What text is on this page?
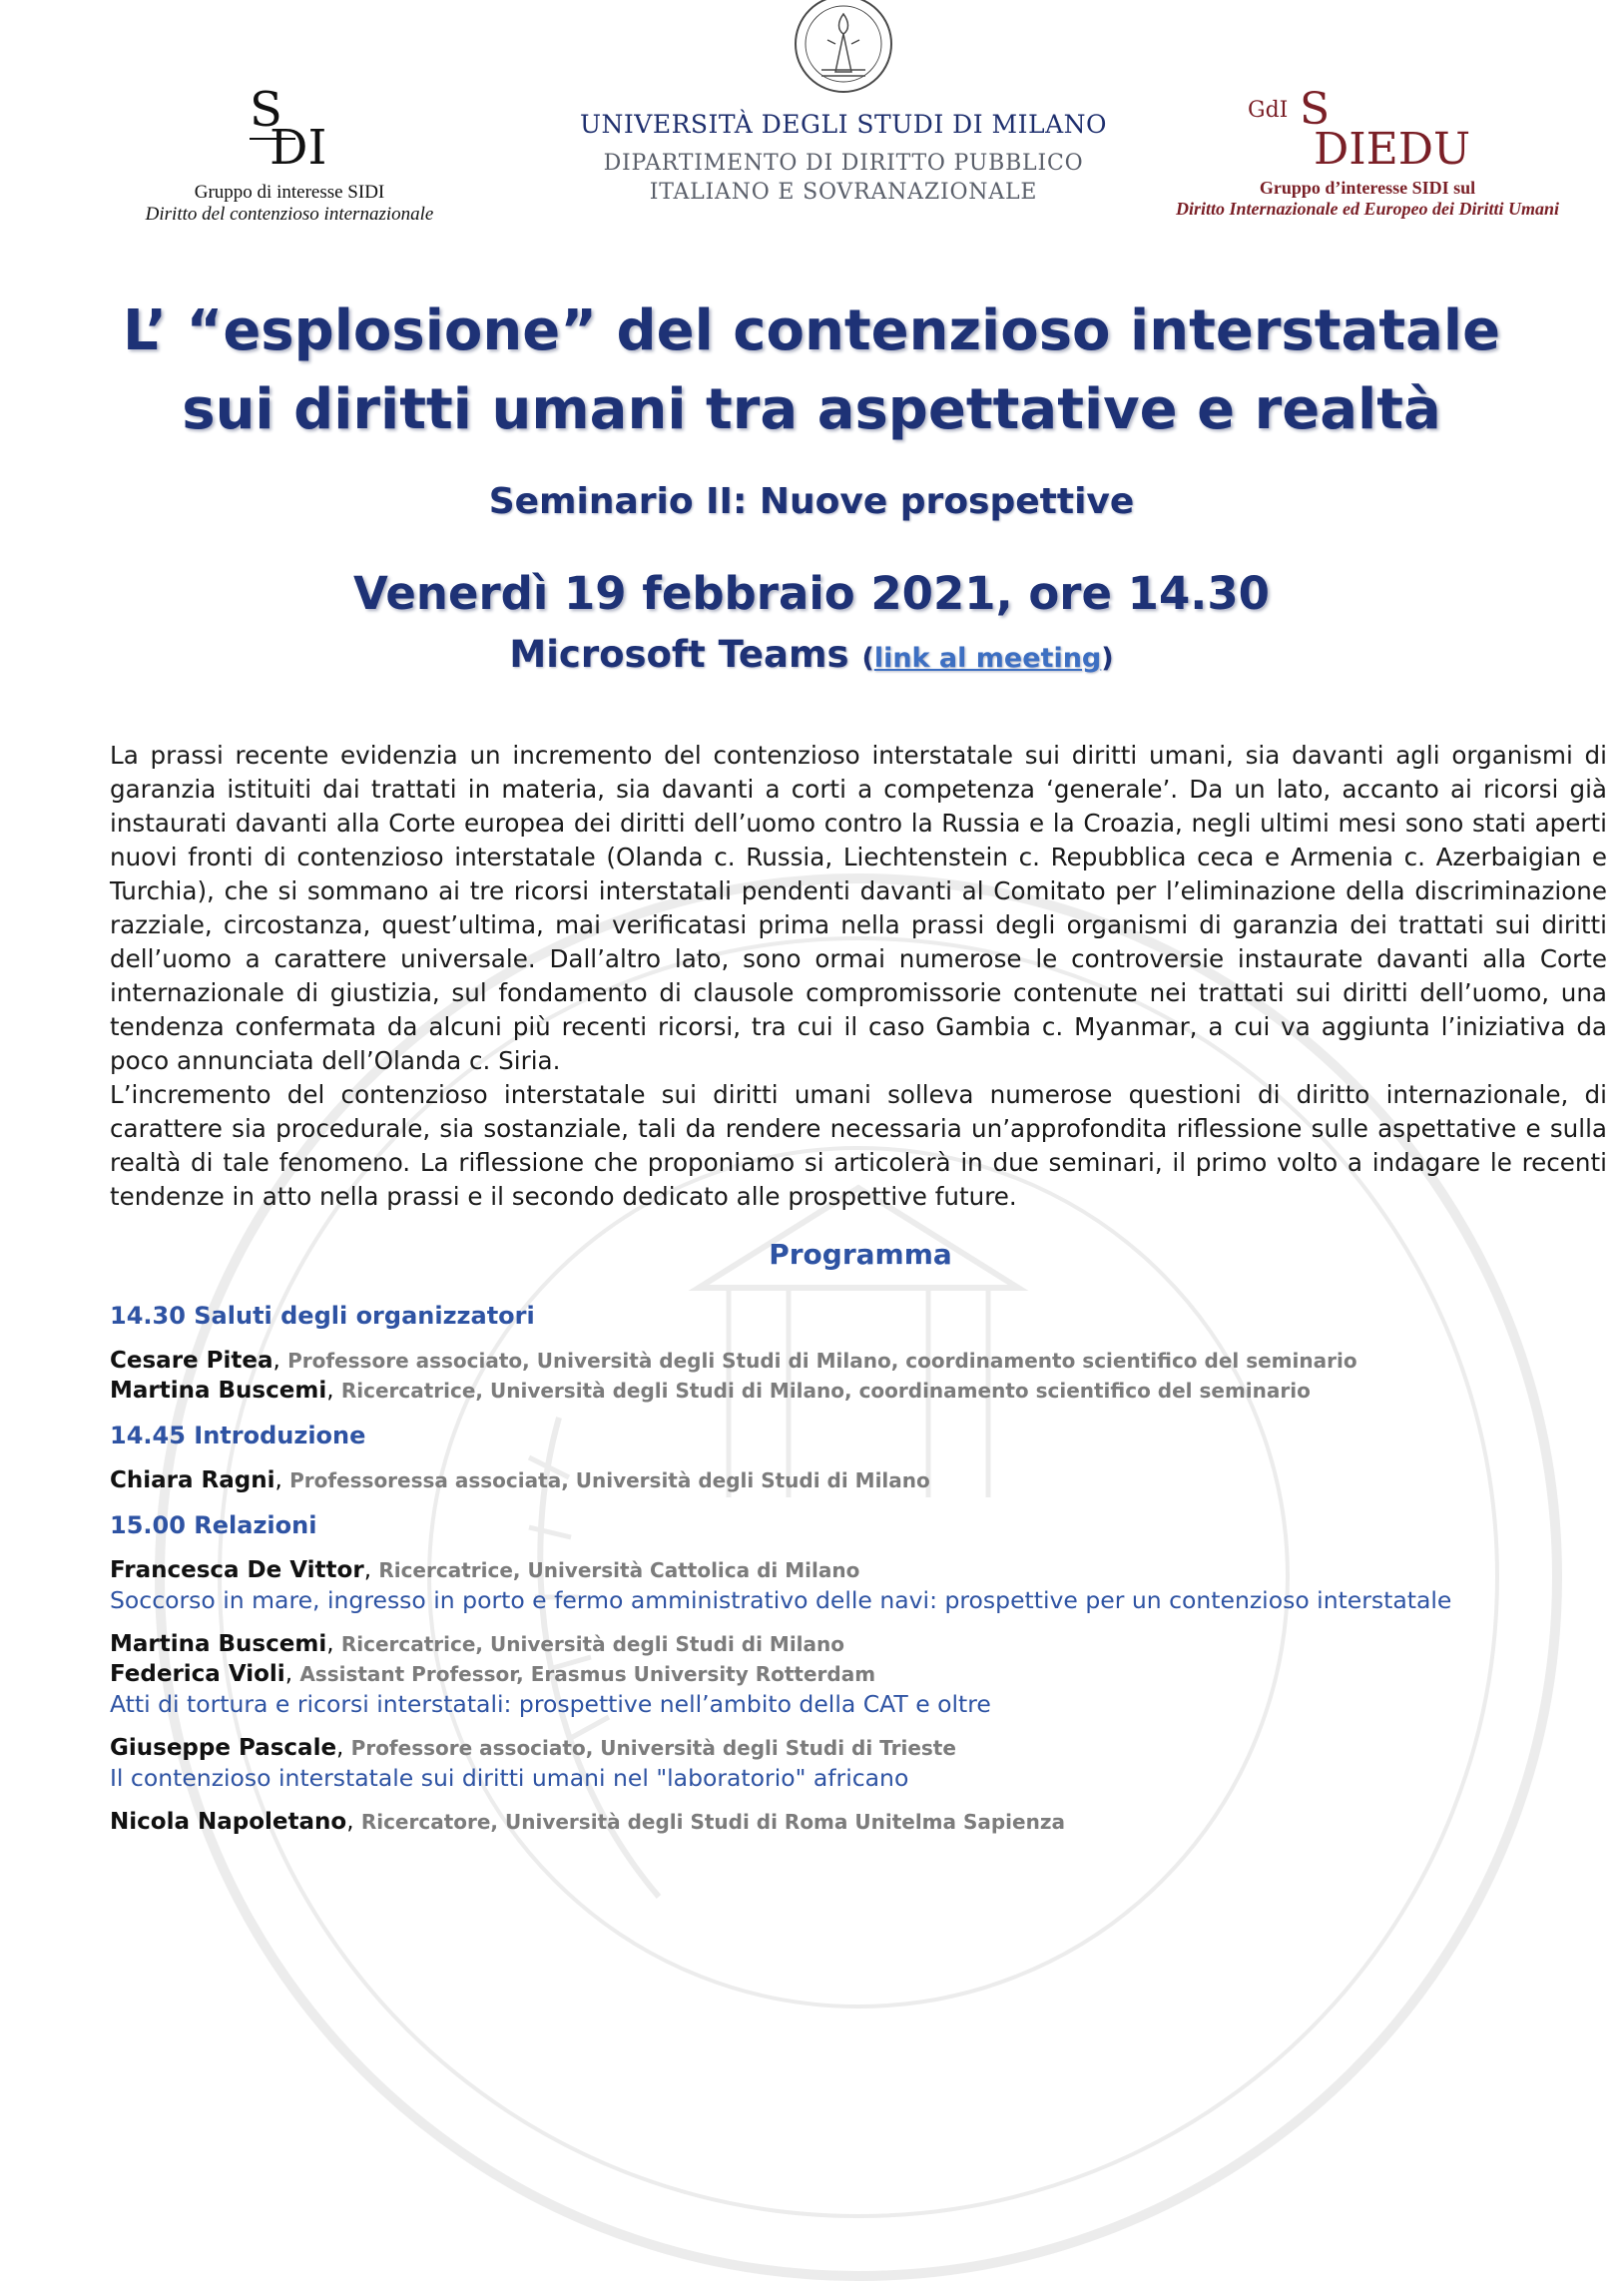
S
DI
Gruppo di interesse SIDI
Diritto del contenzioso internazionale
UNIVERSITÀ DEGLI STUDI DI MILANO
DIPARTIMENTO DI DIRITTO PUBBLICO
ITALIANO E SOVRANAZIONALE
GdI S
DIEDU
Gruppo d’interesse SIDI sul
Diritto Internazionale ed Europeo dei Diritti Umani
L’ “esplosione” del contenzioso interstatale
sui diritti umani tra aspettative e realtà
Seminario II: Nuove prospettive
Venerdì 19 febbraio 2021, ore 14.30
Microsoft Teams (link al meeting)
La prassi recente evidenzia un incremento del contenzioso interstatale sui diritti umani, sia davanti agli organismi di garanzia istituiti dai trattati in materia, sia davanti a corti a competenza ‘generale’. Da un lato, accanto ai ricorsi già instaurati davanti alla Corte europea dei diritti dell’uomo contro la Russia e la Croazia, negli ultimi mesi sono stati aperti nuovi fronti di contenzioso interstatale (Olanda c. Russia, Liechtenstein c. Repubblica ceca e Armenia c. Azerbaigian e Turchia), che si sommano ai tre ricorsi interstatali pendenti davanti al Comitato per l’eliminazione della discriminazione razziale, circostanza, quest’ultima, mai verificatasi prima nella prassi degli organismi di garanzia dei trattati sui diritti dell’uomo a carattere universale. Dall’altro lato, sono ormai numerose le controversie instaurate davanti alla Corte internazionale di giustizia, sul fondamento di clausole compromissorie contenute nei trattati sui diritti dell’uomo, una tendenza confermata da alcuni più recenti ricorsi, tra cui il caso Gambia c. Myanmar, a cui va aggiunta l’iniziativa da poco annunciata dell’Olanda c. Siria.
L’incremento del contenzioso interstatale sui diritti umani solleva numerose questioni di diritto internazionale, di carattere sia procedurale, sia sostanziale, tali da rendere necessaria un’approfondita riflessione sulle aspettative e sulla realtà di tale fenomeno. La riflessione che proponiamo si articolerà in due seminari, il primo volto a indagare le recenti tendenze in atto nella prassi e il secondo dedicato alle prospettive future.
Programma
14.30 Saluti degli organizzatori
Cesare Pitea, Professore associato, Università degli Studi di Milano, coordinamento scientifico del seminario
Martina Buscemi, Ricercatrice, Università degli Studi di Milano, coordinamento scientifico del seminario
14.45 Introduzione
Chiara Ragni, Professoressa associata, Università degli Studi di Milano
15.00 Relazioni
Francesca De Vittor, Ricercatrice, Università Cattolica di Milano
Soccorso in mare, ingresso in porto e fermo amministrativo delle navi: prospettive per un contenzioso interstatale
Martina Buscemi, Ricercatrice, Università degli Studi di Milano
Federica Violi, Assistant Professor, Erasmus University Rotterdam
Atti di tortura e ricorsi interstatali: prospettive nell’ambito della CAT e oltre
Giuseppe Pascale, Professore associato, Università degli Studi di Trieste
Il contenzioso interstatale sui diritti umani nel "laboratorio" africano
Nicola Napoletano, Ricercatore, Università degli Studi di Roma Unitelma Sapienza
